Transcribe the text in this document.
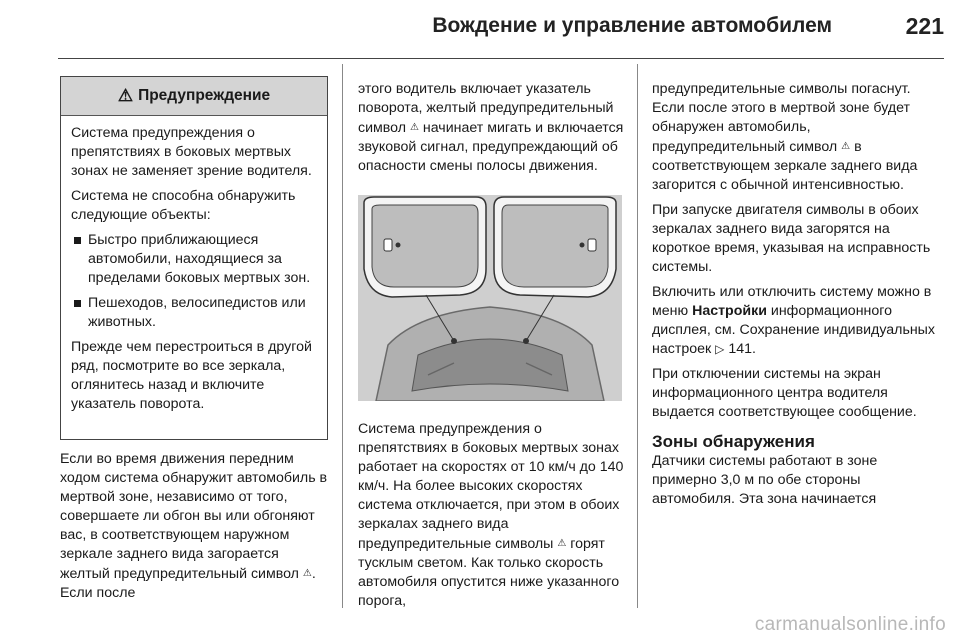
Вождение и управление автомобилем	221
⚠ Предупреждение

Система предупреждения о препятствиях в боковых мертвых зонах не заменяет зрение водителя.

Система не способна обнаружить следующие объекты:

Быстро приближающиеся автомобили, находящиеся за пределами боковых мертвых зон.
Пешеходов, велосипедистов или животных.

Прежде чем перестроиться в другой ряд, посмотрите во все зеркала, оглянитесь назад и включите указатель поворота.

Если во время движения передним ходом система обнаружит автомобиль в мертвой зоне, независимо от того, совершаете ли обгон вы или обгоняют вас, в соответствующем наружном зеркале заднего вида загорается желтый предупредительный символ ⚠. Если после

этого водитель включает указатель поворота, желтый предупредительный символ ⚠ начинает мигать и включается звуковой сигнал, предупреждающий об опасности смены полосы движения.

Система предупреждения о препятствиях в боковых мертвых зонах работает на скоростях от 10 км/ч до 140 км/ч. На более высоких скоростях система отключается, при этом в обоих зеркалах заднего вида предупредительные символы ⚠ горят тусклым светом. Как только скорость автомобиля опустится ниже указанного порога,

предупредительные символы погаснут. Если после этого в мертвой зоне будет обнаружен автомобиль, предупредительный символ ⚠ в соответствующем зеркале заднего вида загорится с обычной интенсивностью.

При запуске двигателя символы в обоих зеркалах заднего вида загорятся на короткое время, указывая на исправность системы.

Включить или отключить систему можно в меню Настройки информационного дисплея, см. Сохранение индивидуальных настроек ▷ 141.

При отключении системы на экран информационного центра водителя выдается соответствующее сообщение.

Зоны обнаружения

Датчики системы работают в зоне примерно 3,0 м по обе стороны автомобиля. Эта зона начинается

carmanualsonline.info
